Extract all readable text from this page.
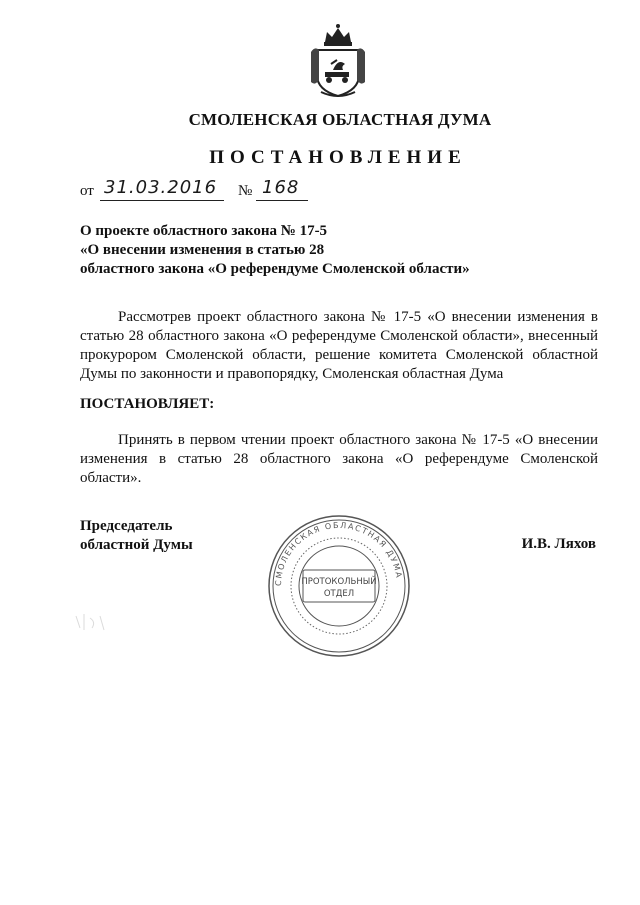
СМОЛЕНСКАЯ ОБЛАСТНАЯ ДУМА
ПОСТАНОВЛЕНИЕ
от 31.03.2016 № 168
О проекте областного закона № 17-5
«О внесении изменения в статью 28
областного закона «О референдуме Смоленской области»

Рассмотрев проект областного закона № 17-5 «О внесении изменения в статью 28 областного закона «О референдуме Смоленской области», внесенный прокурором Смоленской области, решение комитета Смоленской областной Думы по законности и правопорядку, Смоленская областная Дума

ПОСТАНОВЛЯЕТ:

Принять в первом чтении проект областного закона № 17-5 «О внесении изменения в статью 28 областного закона «О референдуме Смоленской области».

Председатель
областной Думы
СМОЛЕНСКАЯ ОБЛАСТНАЯ ДУМА
ПРОТОКОЛЬНЫЙ
ОТДЕЛ
И.В. Ляхов
